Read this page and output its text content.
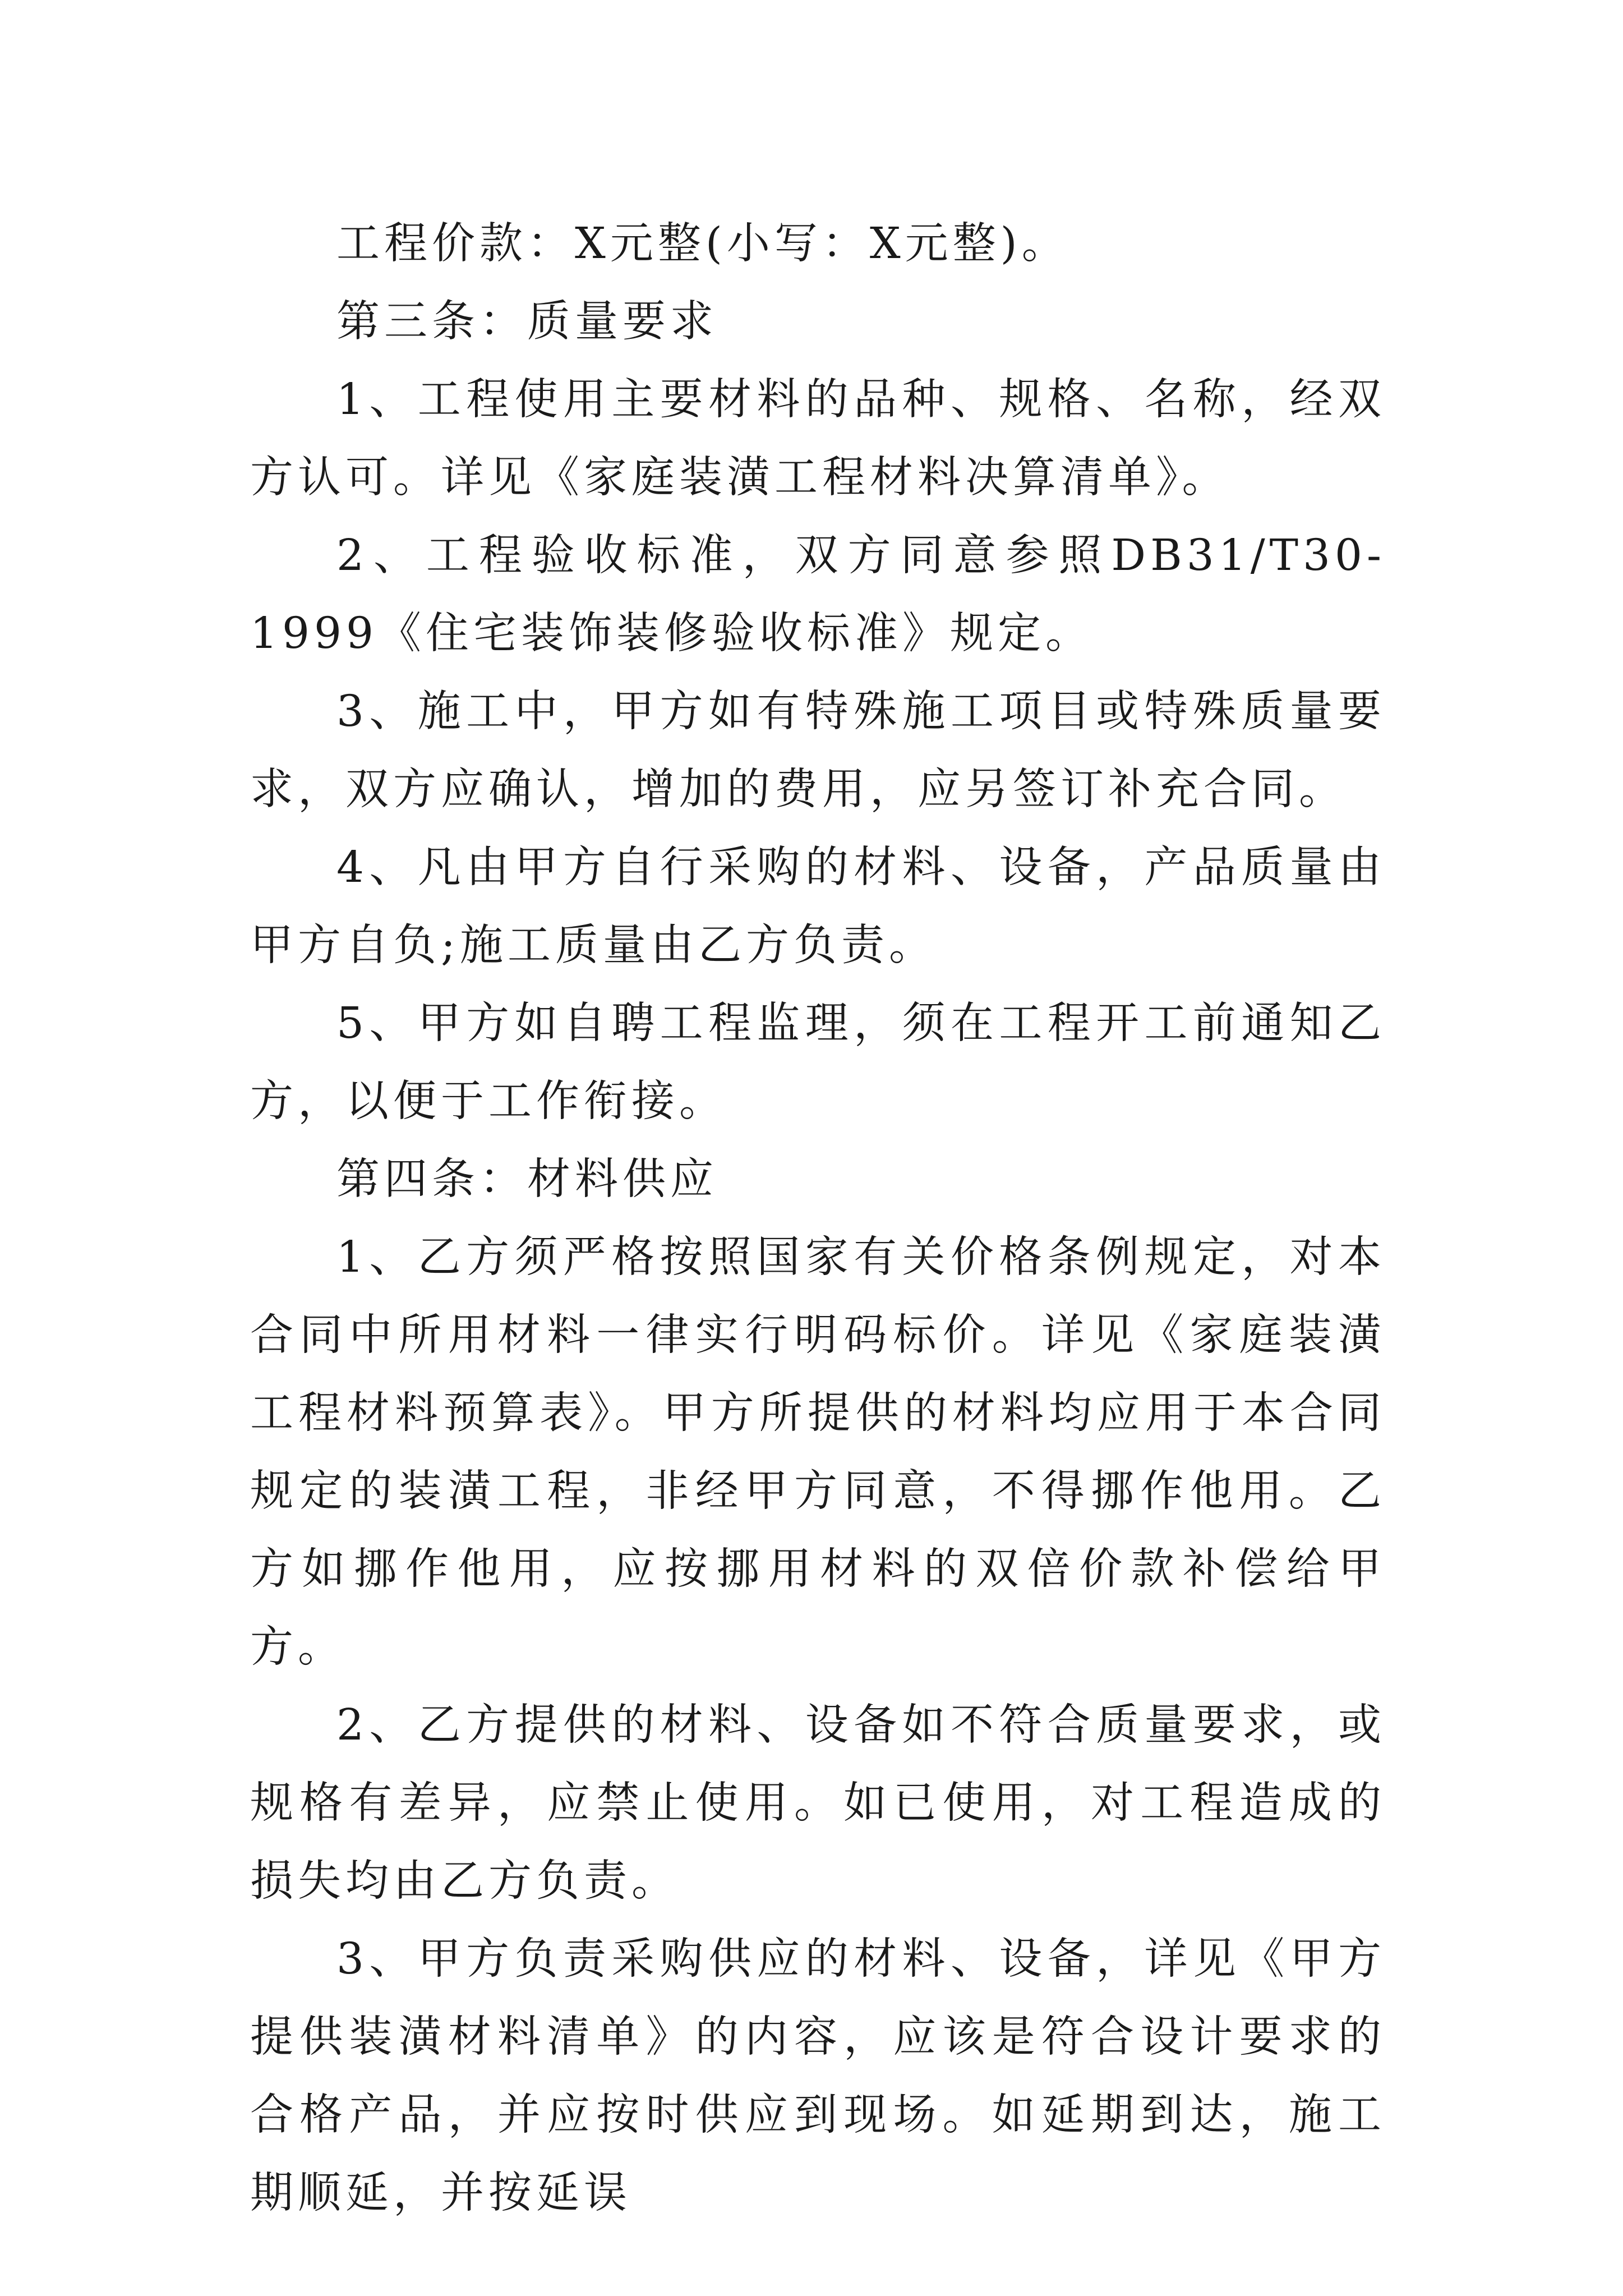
工程价款：X元整(小写：X元整)。

第三条：质量要求

1、工程使用主要材料的品种、规格、名称，经双方认可。详见《家庭装潢工程材料决算清单》。

2、工程验收标准，双方同意参照DB31/T30-1999《住宅装饰装修验收标准》规定。

3、施工中，甲方如有特殊施工项目或特殊质量要求，双方应确认，增加的费用，应另签订补充合同。

4、凡由甲方自行采购的材料、设备，产品质量由甲方自负;施工质量由乙方负责。

5、甲方如自聘工程监理，须在工程开工前通知乙方，以便于工作衔接。

第四条：材料供应

1、乙方须严格按照国家有关价格条例规定，对本合同中所用材料一律实行明码标价。详见《家庭装潢工程材料预算表》。甲方所提供的材料均应用于本合同规定的装潢工程，非经甲方同意，不得挪作他用。乙方如挪作他用，应按挪用材料的双倍价款补偿给甲方。

2、乙方提供的材料、设备如不符合质量要求，或规格有差异，应禁止使用。如已使用，对工程造成的损失均由乙方负责。

3、甲方负责采购供应的材料、设备，详见《甲方提供装潢材料清单》的内容，应该是符合设计要求的合格产品，并应按时供应到现场。如延期到达，施工期顺延，并按延误
